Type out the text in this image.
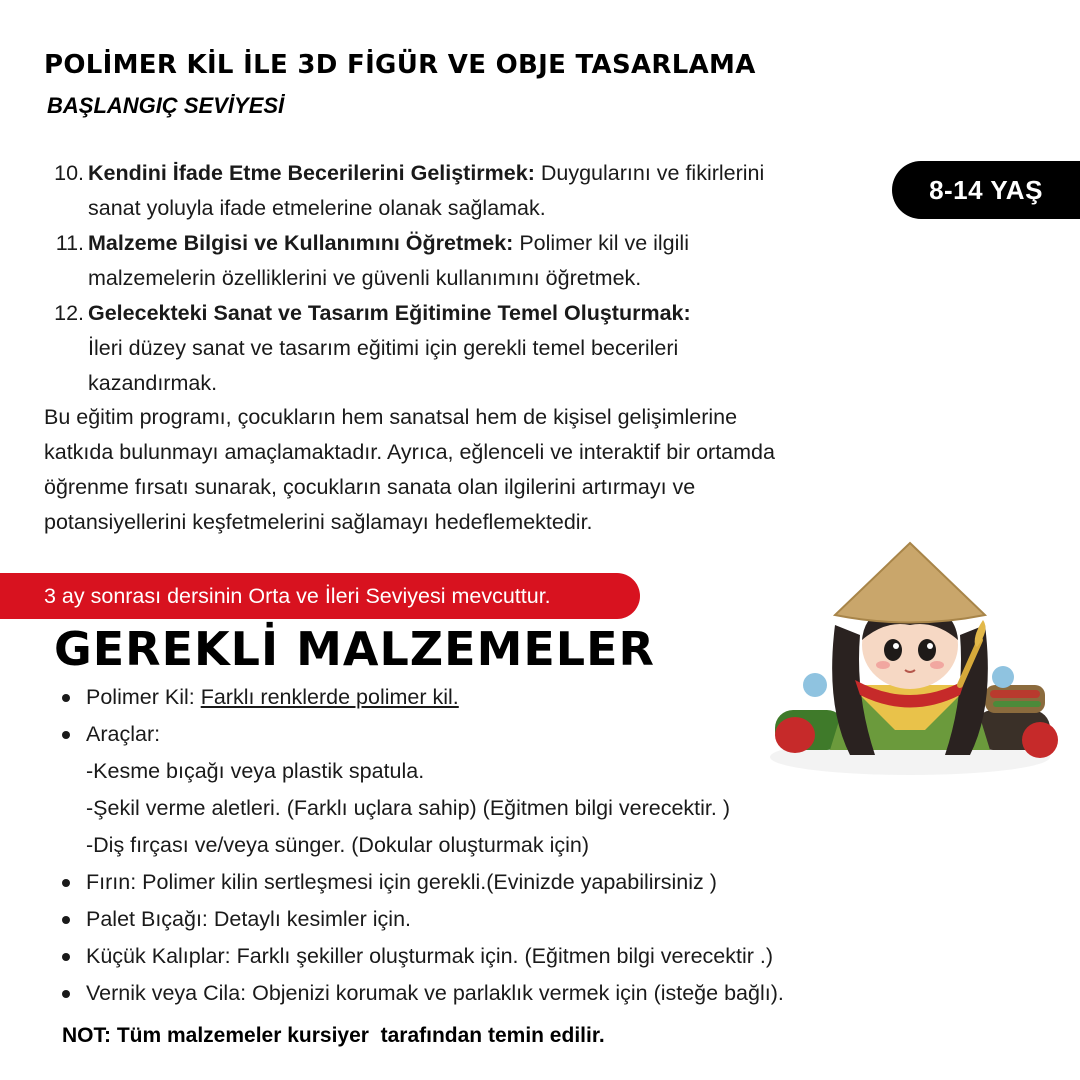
POLİMER KİL İLE 3D FİGÜR VE OBJE TASARLAMA
BAŞLANGIÇ SEVİYESİ
8-14 YAŞ
10. Kendini İfade Etme Becerilerini Geliştirmek: Duygularını ve fikirlerini sanat yoluyla ifade etmelerine olanak sağlamak.
11. Malzeme Bilgisi ve Kullanımını Öğretmek: Polimer kil ve ilgili malzemelerin özelliklerini ve güvenli kullanımını öğretmek.
12. Gelecekteki Sanat ve Tasarım Eğitimine Temel Oluşturmak:
İleri düzey sanat ve tasarım eğitimi için gerekli temel becerileri kazandırmak.

Bu eğitim programı, çocukların hem sanatsal hem de kişisel gelişimlerine katkıda bulunmayı amaçlamaktadır. Ayrıca, eğlenceli ve interaktif bir ortamda öğrenme fırsatı sunarak, çocukların sanata olan ilgilerini artırmayı ve potansiyellerini keşfetmelerini sağlamayı hedeflemektedir.

3 ay sonrası dersinin Orta ve İleri Seviyesi mevcuttur.
GEREKLİ MALZEMELER
Polimer Kil: Farklı renklerde polimer kil.
Araçlar:
-Kesme bıçağı veya plastik spatula.
-Şekil verme aletleri. (Farklı uçlara sahip) (Eğitmen bilgi verecektir. )
-Diş fırçası ve/veya sünger. (Dokular oluşturmak için)
Fırın: Polimer kilin sertleşmesi için gerekli.(Evinizde yapabilirsiniz )
Palet Bıçağı: Detaylı kesimler için.
Küçük Kalıplar: Farklı şekiller oluşturmak için. (Eğitmen bilgi verecektir .)
Vernik veya Cila: Objenizi korumak ve parlaklık vermek için (isteğe bağlı).
NOT: Tüm malzemeler kursiyer  tarafından temin edilir.
